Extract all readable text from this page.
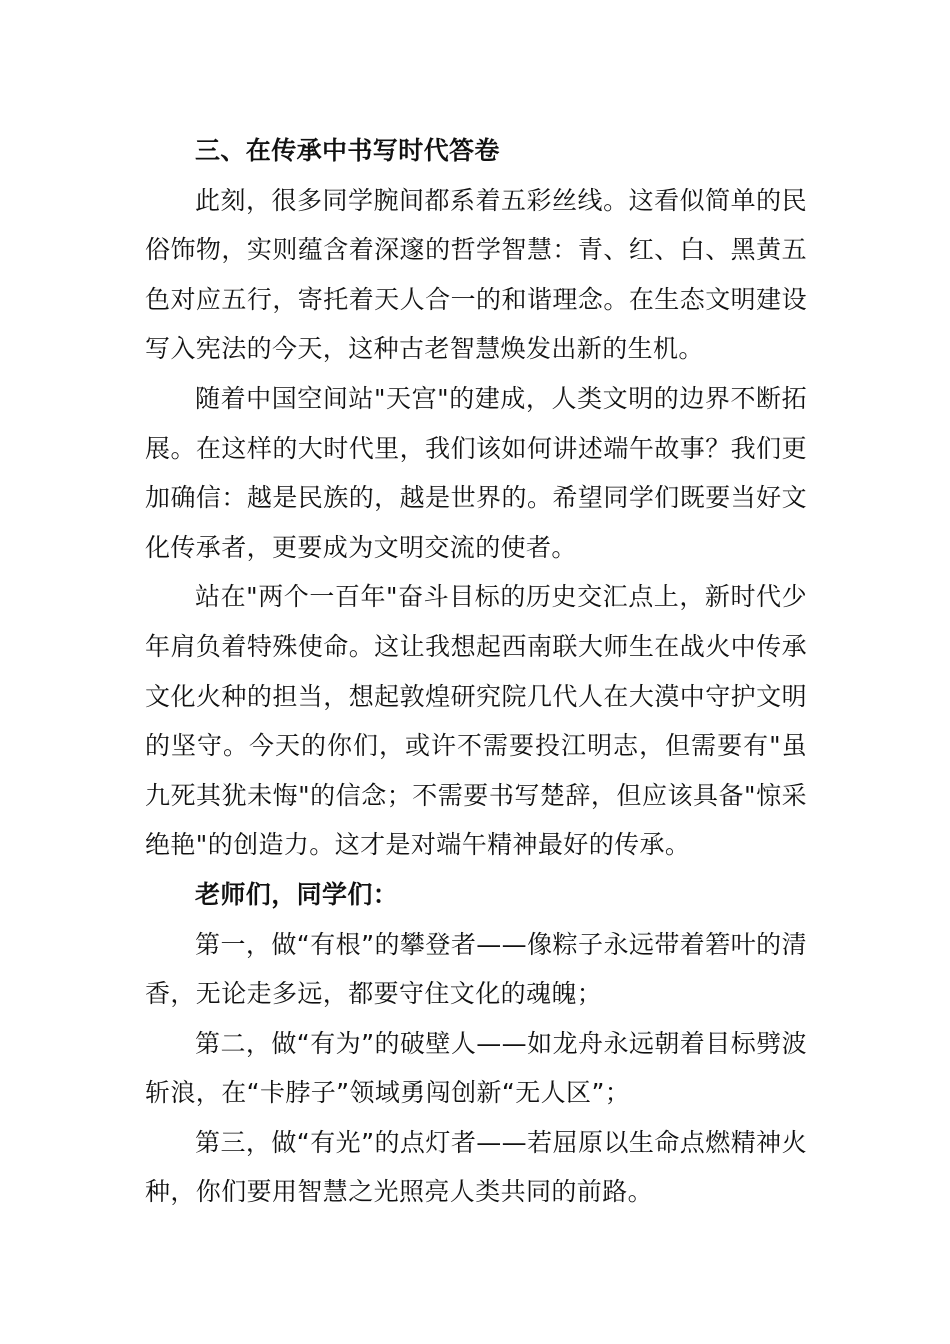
三、在传承中书写时代答卷

此刻，很多同学腕间都系着五彩丝线。这看似简单的民俗饰物，实则蕴含着深邃的哲学智慧：青、红、白、黑黄五色对应五行，寄托着天人合一的和谐理念。在生态文明建设写入宪法的今天，这种古老智慧焕发出新的生机。

随着中国空间站"天宫"的建成，人类文明的边界不断拓展。在这样的大时代里，我们该如何讲述端午故事？我们更加确信：越是民族的，越是世界的。希望同学们既要当好文化传承者，更要成为文明交流的使者。

站在"两个一百年"奋斗目标的历史交汇点上，新时代少年肩负着特殊使命。这让我想起西南联大师生在战火中传承文化火种的担当，想起敦煌研究院几代人在大漠中守护文明的坚守。今天的你们，或许不需要投江明志，但需要有"虽九死其犹未悔"的信念；不需要书写楚辞，但应该具备"惊采绝艳"的创造力。这才是对端午精神最好的传承。

老师们，同学们：

第一，做“有根”的攀登者——像粽子永远带着箬叶的清香，无论走多远，都要守住文化的魂魄；

第二，做“有为”的破壁人——如龙舟永远朝着目标劈波斩浪，在“卡脖子”领域勇闯创新“无人区”；

第三，做“有光”的点灯者——若屈原以生命点燃精神火种，你们要用智慧之光照亮人类共同的前路。
